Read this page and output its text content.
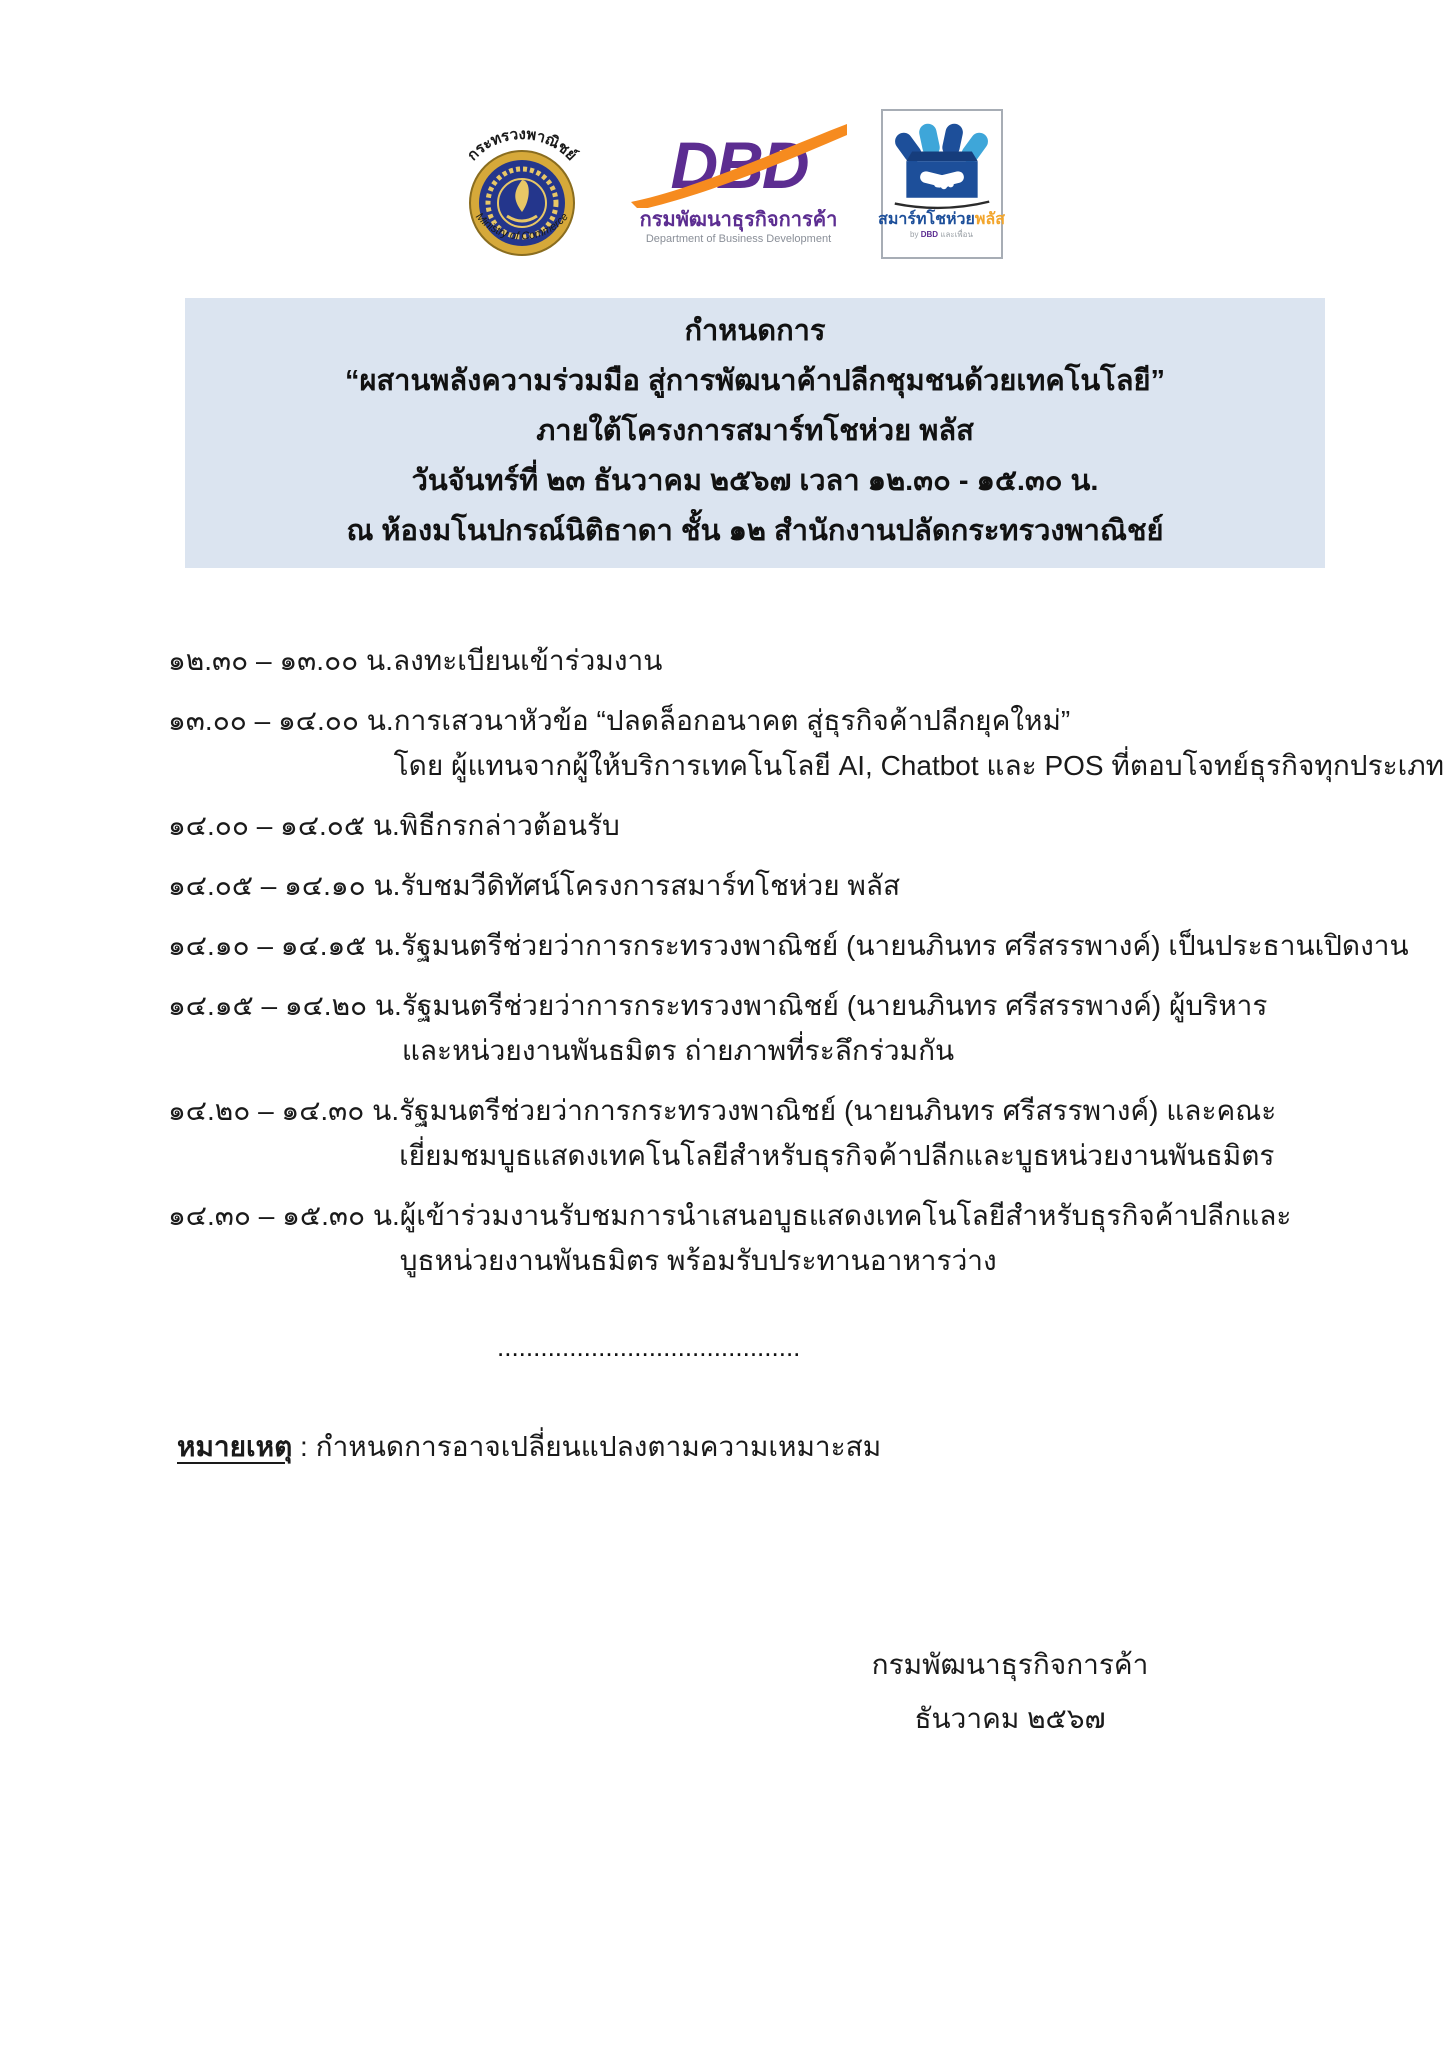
กระทรวงพาณิชย์
Ministry of Commerce
DBD
กรมพัฒนาธุรกิจการค้า
Department of Business Development
สมาร์ทโชห่วยพลัส
by DBD และเพื่อน
กำหนดการ
“ผสานพลังความร่วมมือ สู่การพัฒนาค้าปลีกชุมชนด้วยเทคโนโลยี”
ภายใต้โครงการสมาร์ทโชห่วย พลัส
วันจันทร์ที่ ๒๓ ธันวาคม ๒๕๖๗ เวลา ๑๒.๓๐ - ๑๕.๓๐ น.
ณ ห้องมโนปกรณ์นิติธาดา ชั้น ๑๒ สำนักงานปลัดกระทรวงพาณิชย์
๑๒.๓๐ – ๑๓.๐๐ น. ลงทะเบียนเข้าร่วมงาน
๑๓.๐๐ – ๑๔.๐๐ น. การเสวนาหัวข้อ “ปลดล็อกอนาคต สู่ธุรกิจค้าปลีกยุคใหม่”
โดย ผู้แทนจากผู้ให้บริการเทคโนโลยี AI, Chatbot และ POS ที่ตอบโจทย์ธุรกิจทุกประเภท
๑๔.๐๐ – ๑๔.๐๕ น. พิธีกรกล่าวต้อนรับ
๑๔.๐๕ – ๑๔.๑๐ น. รับชมวีดิทัศน์โครงการสมาร์ทโชห่วย พลัส
๑๔.๑๐ – ๑๔.๑๕ น. รัฐมนตรีช่วยว่าการกระทรวงพาณิชย์ (นายนภินทร ศรีสรรพางค์) เป็นประธานเปิดงาน
๑๔.๑๕ – ๑๔.๒๐ น. รัฐมนตรีช่วยว่าการกระทรวงพาณิชย์ (นายนภินทร ศรีสรรพางค์) ผู้บริหาร
และหน่วยงานพันธมิตร ถ่ายภาพที่ระลึกร่วมกัน
๑๔.๒๐ – ๑๔.๓๐ น. รัฐมนตรีช่วยว่าการกระทรวงพาณิชย์ (นายนภินทร ศรีสรรพางค์) และคณะ
เยี่ยมชมบูธแสดงเทคโนโลยีสำหรับธุรกิจค้าปลีกและบูธหน่วยงานพันธมิตร
๑๔.๓๐ – ๑๕.๓๐ น. ผู้เข้าร่วมงานรับชมการนำเสนอบูธแสดงเทคโนโลยีสำหรับธุรกิจค้าปลีกและ
บูธหน่วยงานพันธมิตร พร้อมรับประทานอาหารว่าง
..........................................
หมายเหตุ : กำหนดการอาจเปลี่ยนแปลงตามความเหมาะสม
กรมพัฒนาธุรกิจการค้า
ธันวาคม ๒๕๖๗
